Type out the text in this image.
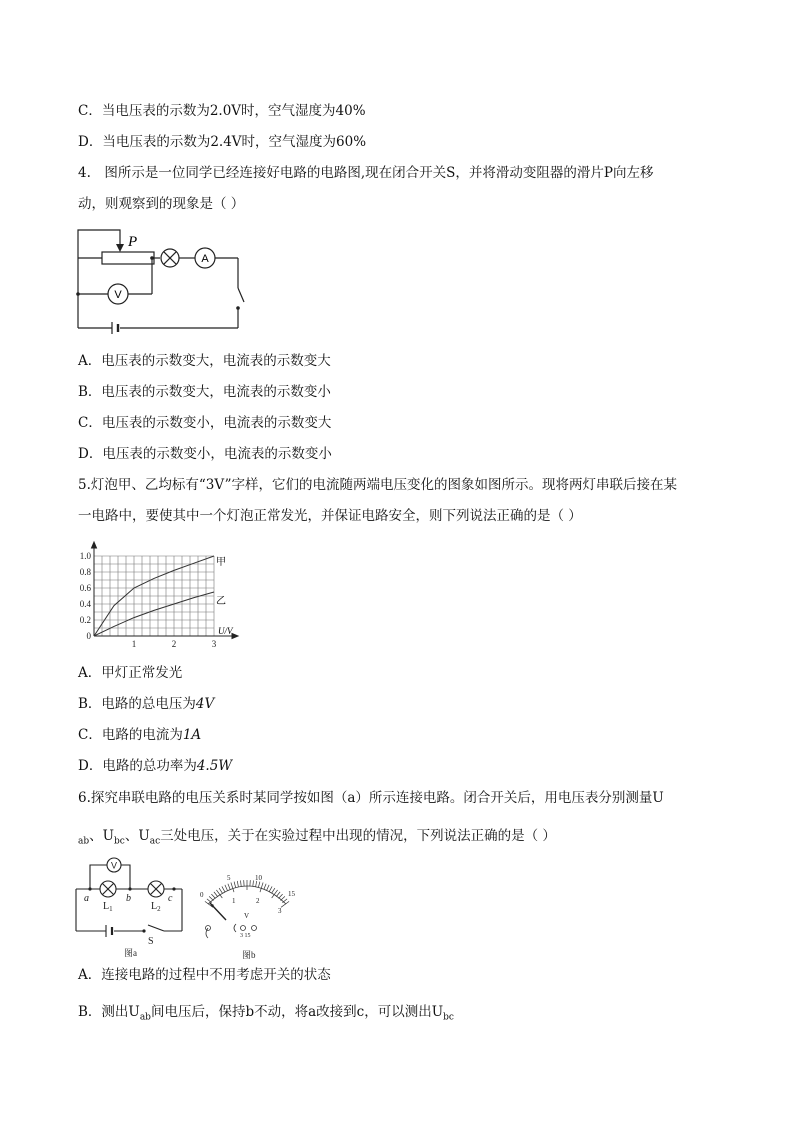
C．当电压表的示数为2.0V时，空气湿度为40%
D．当电压表的示数为2.4V时，空气湿度为60%
4.　图所示是一位同学已经连接好电路的电路图,现在闭合开关S，并将滑动变阻器的滑片P向左移
动，则观察到的现象是（ ）
P
A
V
A．电压表的示数变大，电流表的示数变大
B．电压表的示数变大，电流表的示数变小
C．电压表的示数变小，电流表的示数变大
D．电压表的示数变小，电流表的示数变小
5.灯泡甲、乙均标有“3V”字样，它们的电流随两端电压变化的图象如图所示。现将两灯串联后接在某
一电路中，要使其中一个灯泡正常发光，并保证电路安全，则下列说法正确的是（ ）
1.0
0.8
0.6
0.4
0.2
0
1	2	3
U/V
甲
乙
A．甲灯正常发光
B．电路的总电压为4V
C．电路的电流为1A
D．电路的总功率为4.5W
6.探究串联电路的电压关系时某同学按如图（a）所示连接电路。闭合开关后，用电压表分别测量U
$_{ab}$、$U_{bc}$、$U_{ac}$三处电压，关于在实验过程中出现的情况，下列说法正确的是（ ）
V
a	b	c
$L_1$	$L_2$
S
图a
5	10
15
0
1	2
3
V
3 15
图b
A．连接电路的过程中不用考虑开关的状态
B．测出$U_{ab}$间电压后，保持b不动，将a改接到c，可以测出$U_{bc}$
